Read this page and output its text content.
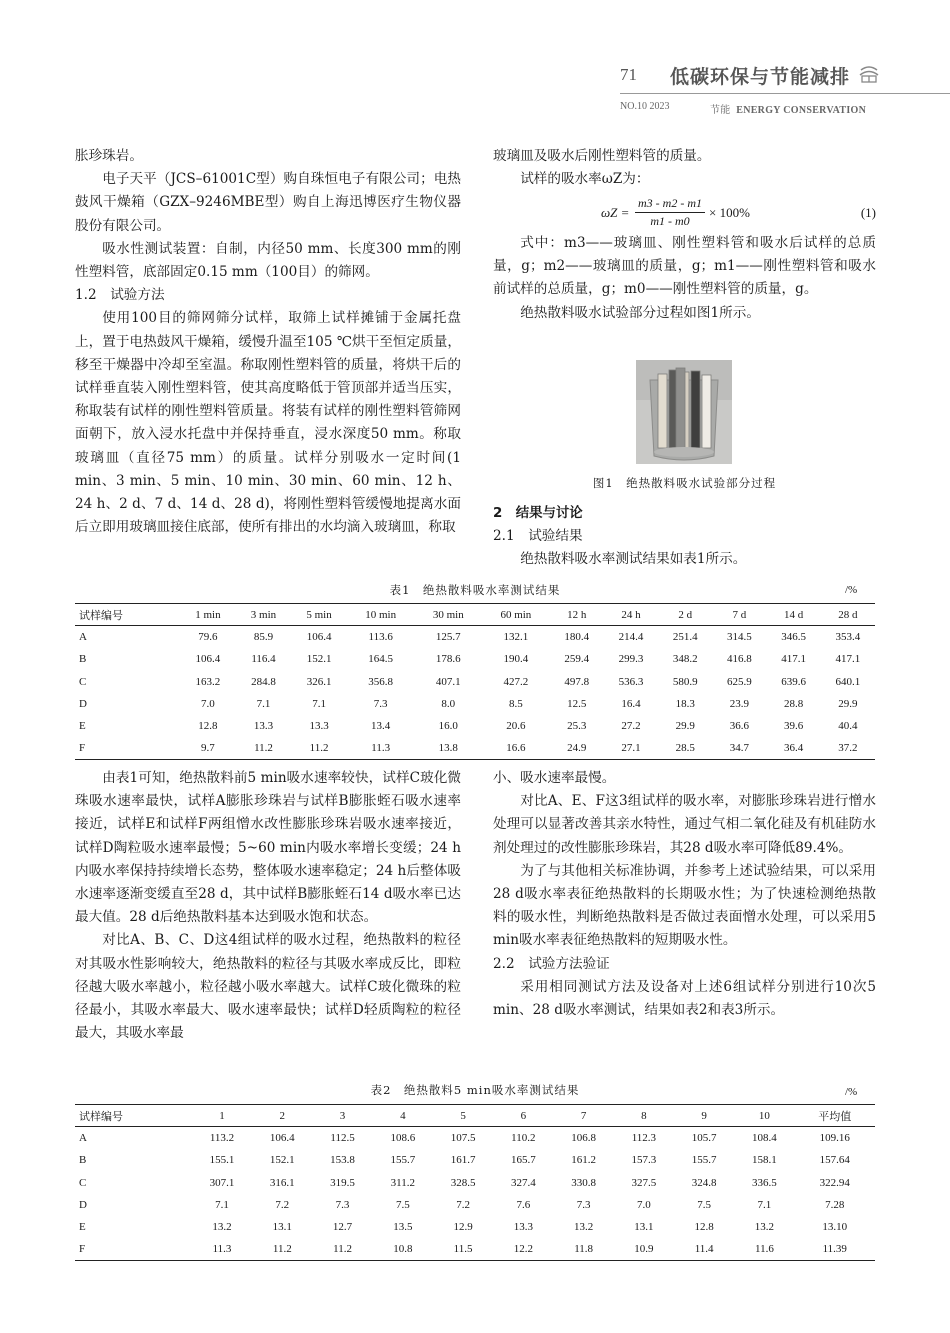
71 低碳环保与节能减排
NO.10 2023	节能 ENERGY CONSERVATION

胀珍珠岩。

电子天平（JCS–61001C型）购自珠恒电子有限公司；电热鼓风干燥箱（GZX–9246MBE型）购自上海迅博医疗生物仪器股份有限公司。

吸水性测试装置：自制，内径50 mm、长度300 mm的刚性塑料管，底部固定0.15 mm（100目）的筛网。

1.2　试验方法

使用100目的筛网筛分试样，取筛上试样摊铺于金属托盘上，置于电热鼓风干燥箱，缓慢升温至105 ℃烘干至恒定质量，移至干燥器中冷却至室温。称取刚性塑料管的质量，将烘干后的试样垂直装入刚性塑料管，使其高度略低于管顶部并适当压实，称取装有试样的刚性塑料管质量。将装有试样的刚性塑料管筛网面朝下，放入浸水托盘中并保持垂直，浸水深度50 mm。称取玻璃皿（直径75 mm）的质量。试样分别吸水一定时间(1 min、3 min、5 min、10 min、30 min、60 min、12 h、24 h、2 d、7 d、14 d、28 d)，将刚性塑料管缓慢地提离水面后立即用玻璃皿接住底部，使所有排出的水均滴入玻璃皿，称取

玻璃皿及吸水后刚性塑料管的质量。

试样的吸水率ωZ为：

$\omega Z = \frac{m3 - m2 - m1}{m1 - m0} \times 100\%$	(1)

式中：m3——玻璃皿、刚性塑料管和吸水后试样的总质量，g；m2——玻璃皿的质量，g；m1——刚性塑料管和吸水前试样的总质量，g；m0——刚性塑料管的质量，g。

绝热散料吸水试验部分过程如图1所示。

图1　绝热散料吸水试验部分过程

2　结果与讨论

2.1　试验结果

绝热散料吸水率测试结果如表1所示。

表1　绝热散料吸水率测试结果	/%
试样编号	1 min	3 min	5 min	10 min	30 min	60 min	12 h	24 h	2 d	7 d	14 d	28 d
A	79.6	85.9	106.4	113.6	125.7	132.1	180.4	214.4	251.4	314.5	346.5	353.4
B	106.4	116.4	152.1	164.5	178.6	190.4	259.4	299.3	348.2	416.8	417.1	417.1
C	163.2	284.8	326.1	356.8	407.1	427.2	497.8	536.3	580.9	625.9	639.6	640.1
D	7.0	7.1	7.1	7.3	8.0	8.5	12.5	16.4	18.3	23.9	28.8	29.9
E	12.8	13.3	13.3	13.4	16.0	20.6	25.3	27.2	29.9	36.6	39.6	40.4
F	9.7	11.2	11.2	11.3	13.8	16.6	24.9	27.1	28.5	34.7	36.4	37.2

由表1可知，绝热散料前5 min吸水速率较快，试样C玻化微珠吸水速率最快，试样A膨胀珍珠岩与试样B膨胀蛭石吸水速率接近，试样E和试样F两组憎水改性膨胀珍珠岩吸水速率接近，试样D陶粒吸水速率最慢；5~60 min内吸水率增长变缓；24 h内吸水率保持持续增长态势，整体吸水速率稳定；24 h后整体吸水速率逐渐变缓直至28 d，其中试样B膨胀蛭石14 d吸水率已达最大值。28 d后绝热散料基本达到吸水饱和状态。

对比A、B、C、D这4组试样的吸水过程，绝热散料的粒径对其吸水性影响较大，绝热散料的粒径与其吸水率成反比，即粒径越大吸水率越小，粒径越小吸水率越大。试样C玻化微珠的粒径最小，其吸水率最大、吸水速率最快；试样D轻质陶粒的粒径最大，其吸水率最

小、吸水速率最慢。

对比A、E、F这3组试样的吸水率，对膨胀珍珠岩进行憎水处理可以显著改善其亲水特性，通过气相二氧化硅及有机硅防水剂处理过的改性膨胀珍珠岩，其28 d吸水率可降低89.4%。

为了与其他相关标准协调，并参考上述试验结果，可以采用28 d吸水率表征绝热散料的长期吸水性；为了快速检测绝热散料的吸水性，判断绝热散料是否做过表面憎水处理，可以采用5 min吸水率表征绝热散料的短期吸水性。

2.2　试验方法验证

采用相同测试方法及设备对上述6组试样分别进行10次5 min、28 d吸水率测试，结果如表2和表3所示。

表2　绝热散料5 min吸水率测试结果	/%
试样编号	1	2	3	4	5	6	7	8	9	10	平均值
A	113.2	106.4	112.5	108.6	107.5	110.2	106.8	112.3	105.7	108.4	109.16
B	155.1	152.1	153.8	155.7	161.7	165.7	161.2	157.3	155.7	158.1	157.64
C	307.1	316.1	319.5	311.2	328.5	327.4	330.8	327.5	324.8	336.5	322.94
D	7.1	7.2	7.3	7.5	7.2	7.6	7.3	7.0	7.5	7.1	7.28
E	13.2	13.1	12.7	13.5	12.9	13.3	13.2	13.1	12.8	13.2	13.10
F	11.3	11.2	11.2	10.8	11.5	12.2	11.8	10.9	11.4	11.6	11.39
